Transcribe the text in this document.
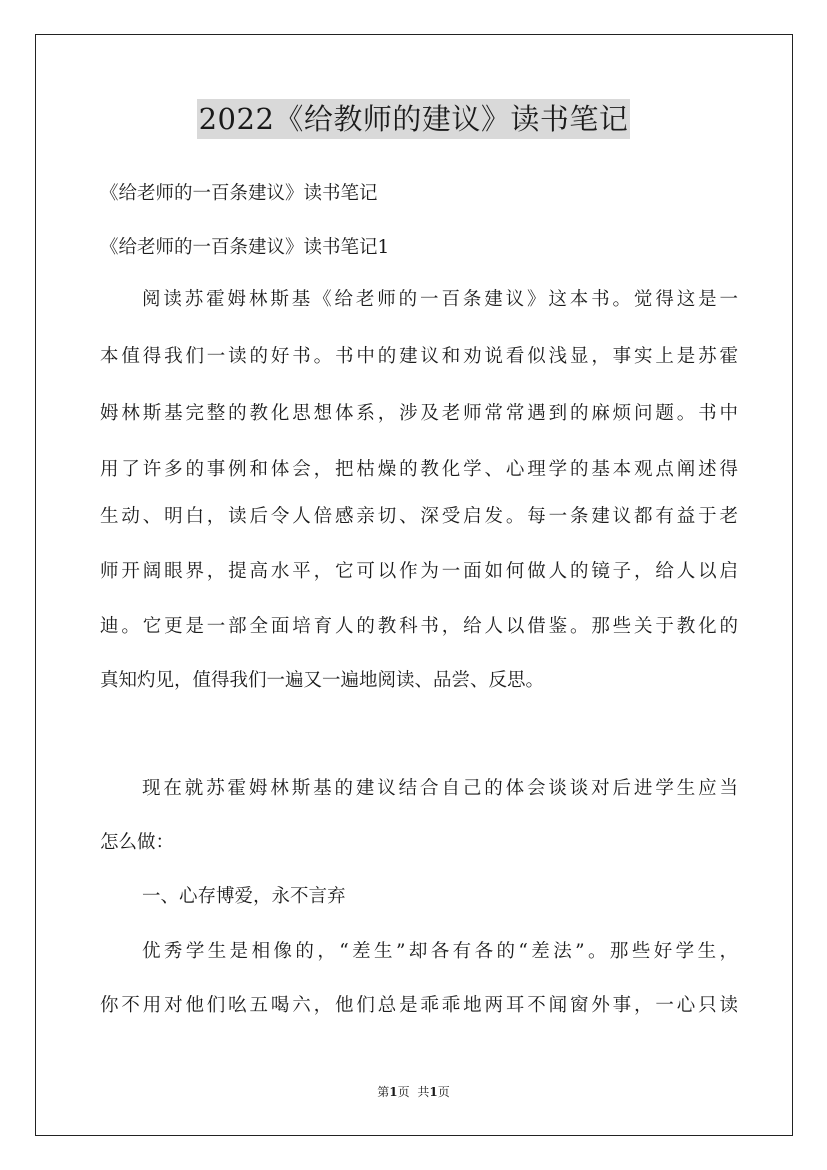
2022《给教师的建议》读书笔记
《给老师的一百条建议》读书笔记
《给老师的一百条建议》读书笔记1
阅读苏霍姆林斯基《给老师的一百条建议》这本书。觉得这是一
本值得我们一读的好书。书中的建议和劝说看似浅显，事实上是苏霍
姆林斯基完整的教化思想体系，涉及老师常常遇到的麻烦问题。书中
用了许多的事例和体会，把枯燥的教化学、心理学的基本观点阐述得
生动、明白，读后令人倍感亲切、深受启发。每一条建议都有益于老
师开阔眼界，提高水平，它可以作为一面如何做人的镜子，给人以启
迪。它更是一部全面培育人的教科书，给人以借鉴。那些关于教化的
真知灼见，值得我们一遍又一遍地阅读、品尝、反思。
现在就苏霍姆林斯基的建议结合自己的体会谈谈对后进学生应当
怎么做：
一、心存博爱，永不言弃
优秀学生是相像的，“差生”却各有各的“差法”。那些好学生，
你不用对他们吆五喝六，他们总是乖乖地两耳不闻窗外事，一心只读
第1页 共1页
